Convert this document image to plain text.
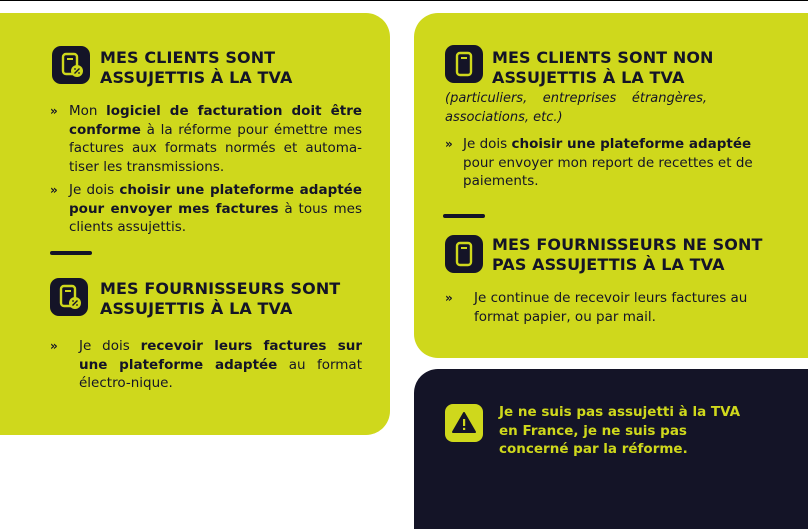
MES CLIENTS SONT
ASSUJETTIS À LA TVA
» Mon logiciel de facturation doit être conforme à la réforme pour émettre mes factures aux formats normés et automa-tiser les transmissions.
» Je dois choisir une plateforme adaptée pour envoyer mes factures à tous mes clients assujettis.
MES FOURNISSEURS SONT
ASSUJETTIS À LA TVA
» Je dois recevoir leurs factures sur une plateforme adaptée au format électro-nique.
MES CLIENTS SONT NON
ASSUJETTIS À LA TVA
(particuliers, entreprises étrangères, associations, etc.)
» Je dois choisir une plateforme adaptée pour envoyer mon report de recettes et de paiements.
MES FOURNISSEURS NE SONT
PAS ASSUJETTIS À LA TVA
» Je continue de recevoir leurs factures au format papier, ou par mail.
Je ne suis pas assujetti à la TVA en France, je ne suis pas concerné par la réforme.
